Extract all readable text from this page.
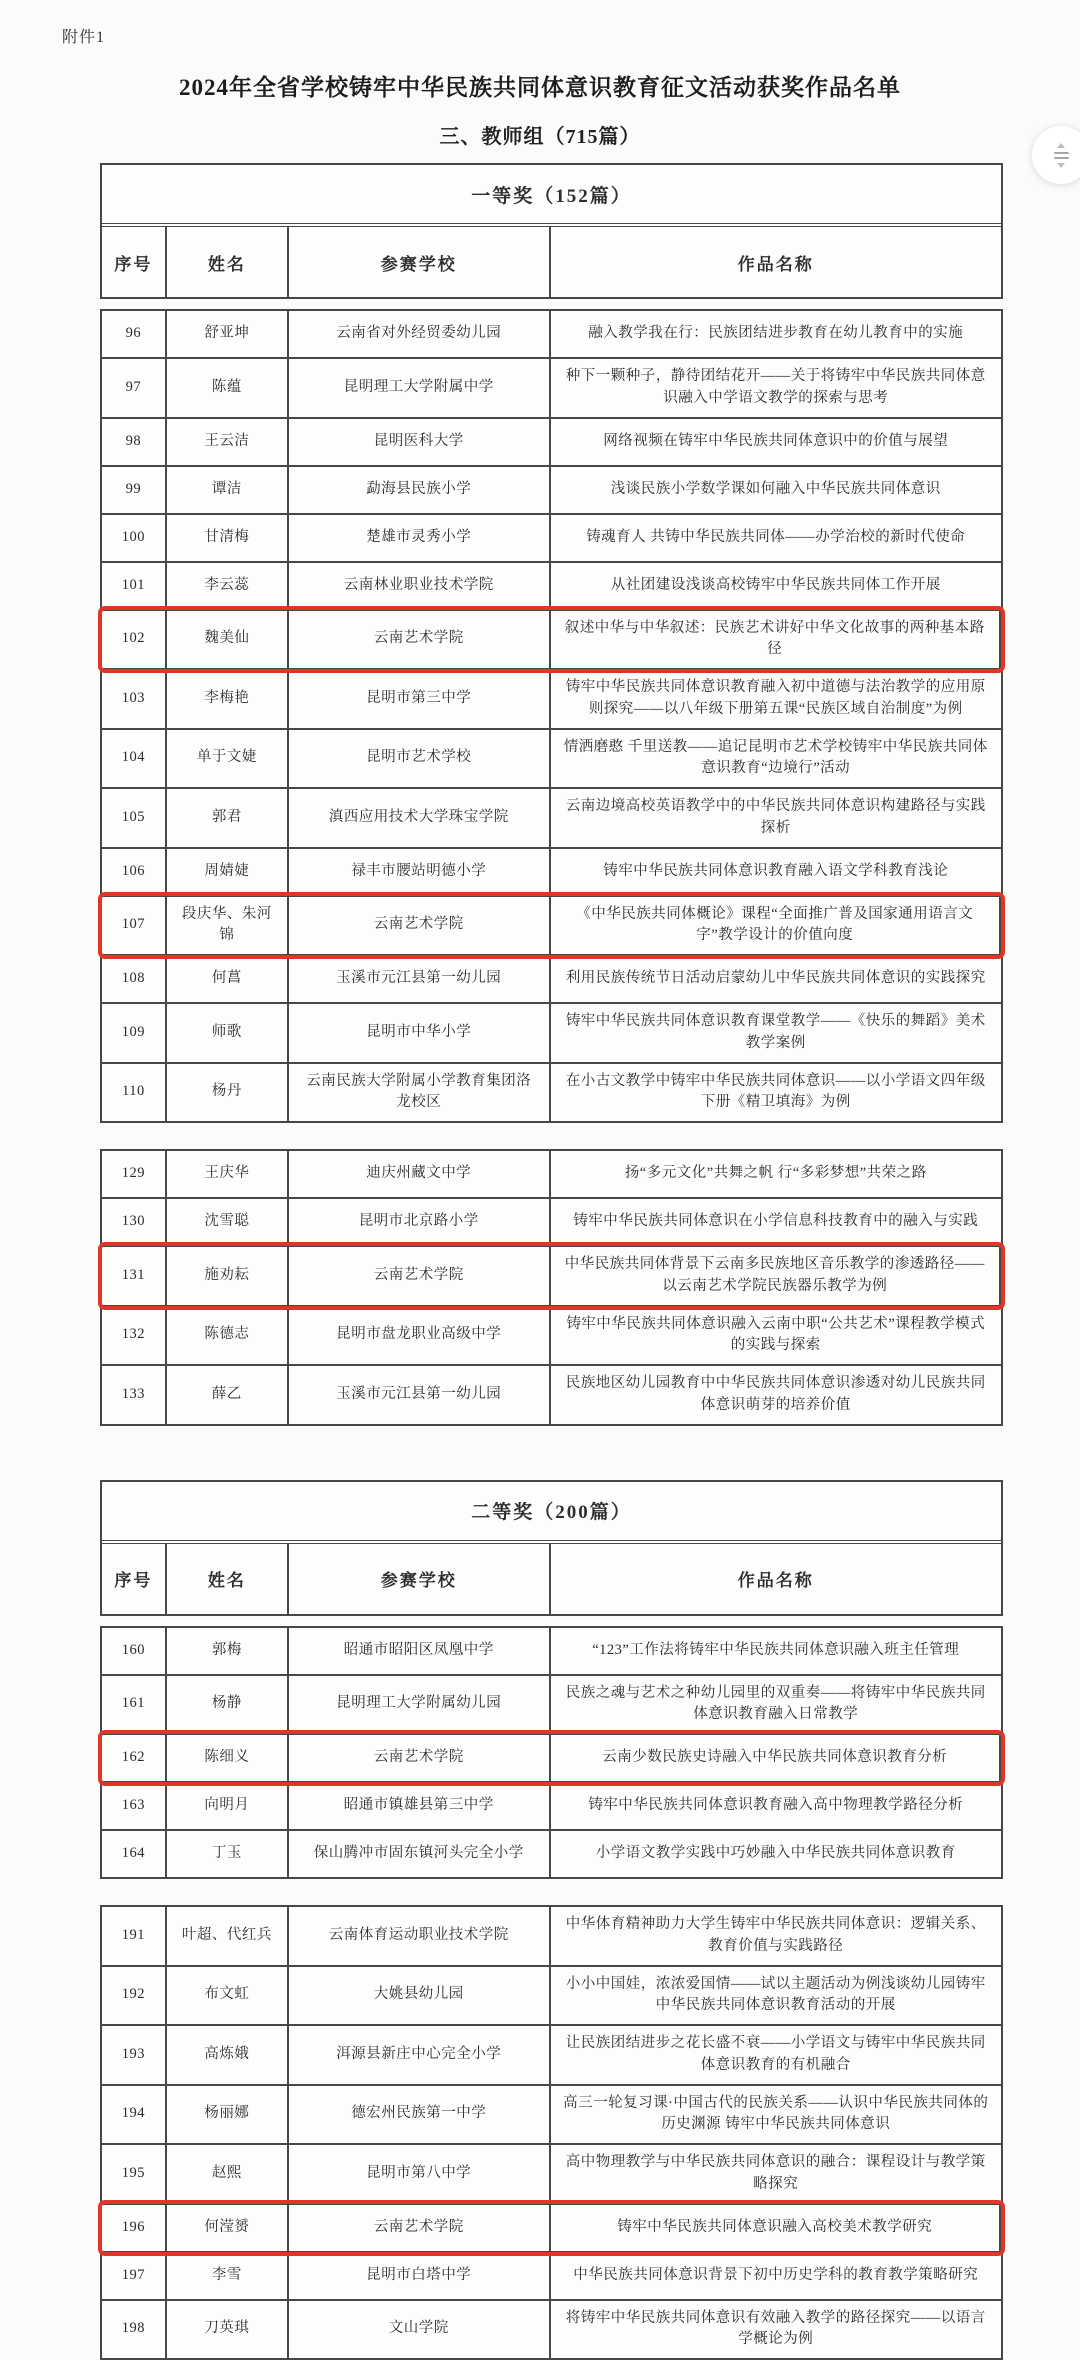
附件1
2024年全省学校铸牢中华民族共同体意识教育征文活动获奖作品名单
三、教师组（715篇）
一等奖（152篇）
序号	姓名	参赛学校	作品名称
96	舒亚坤	云南省对外经贸委幼儿园	融入教学我在行：民族团结进步教育在幼儿教育中的实施
97	陈蕴	昆明理工大学附属中学
种下一颗种子，静待团结花开——关于将铸牢中华民族共同体意识融入中学语文教学的探索与思考
98	王云洁	昆明医科大学	网络视频在铸牢中华民族共同体意识中的价值与展望
99	谭洁	勐海县民族小学	浅谈民族小学数学课如何融入中华民族共同体意识
100	甘清梅	楚雄市灵秀小学	铸魂育人 共铸中华民族共同体——办学治校的新时代使命
101	李云蕊	云南林业职业技术学院	从社团建设浅谈高校铸牢中华民族共同体工作开展
102	魏美仙	云南艺术学院
叙述中华与中华叙述：民族艺术讲好中华文化故事的两种基本路径
103	李梅艳	昆明市第三中学
铸牢中华民族共同体意识教育融入初中道德与法治教学的应用原则探究——以八年级下册第五课“民族区域自治制度”为例
104	单于文婕	昆明市艺术学校
情洒磨憨 千里送教——追记昆明市艺术学校铸牢中华民族共同体意识教育“边境行”活动
105	郭君	滇西应用技术大学珠宝学院
云南边境高校英语教学中的中华民族共同体意识构建路径与实践探析
106	周婧婕	禄丰市腰站明德小学	铸牢中华民族共同体意识教育融入语文学科教育浅论
107
段庆华、朱河锦
云南艺术学院
《中华民族共同体概论》课程“全面推广普及国家通用语言文字”教学设计的价值向度
108	何菖	玉溪市元江县第一幼儿园	利用民族传统节日活动启蒙幼儿中华民族共同体意识的实践探究
109	师歌	昆明市中华小学
铸牢中华民族共同体意识教育课堂教学——《快乐的舞蹈》美术教学案例
110	杨丹
云南民族大学附属小学教育集团洛龙校区
在小古文教学中铸牢中华民族共同体意识——以小学语文四年级下册《精卫填海》为例
129	王庆华	迪庆州藏文中学	扬“多元文化”共舞之帆 行“多彩梦想”共荣之路
130	沈雪聪	昆明市北京路小学	铸牢中华民族共同体意识在小学信息科技教育中的融入与实践
131	施劝耘	云南艺术学院
中华民族共同体背景下云南多民族地区音乐教学的渗透路径——以云南艺术学院民族器乐教学为例
132	陈德志	昆明市盘龙职业高级中学
铸牢中华民族共同体意识融入云南中职“公共艺术”课程教学模式的实践与探索
133	薛乙	玉溪市元江县第一幼儿园
民族地区幼儿园教育中中华民族共同体意识渗透对幼儿民族共同体意识萌芽的培养价值
二等奖（200篇）
序号	姓名	参赛学校	作品名称
160	郭梅	昭通市昭阳区凤凰中学	“123”工作法将铸牢中华民族共同体意识融入班主任管理
161	杨静	昆明理工大学附属幼儿园
民族之魂与艺术之种幼儿园里的双重奏——将铸牢中华民族共同体意识教育融入日常教学
162	陈细义	云南艺术学院	云南少数民族史诗融入中华民族共同体意识教育分析
163	向明月	昭通市镇雄县第三中学	铸牢中华民族共同体意识教育融入高中物理教学路径分析
164	丁玉	保山腾冲市固东镇河头完全小学	小学语文教学实践中巧妙融入中华民族共同体意识教育
191	叶超、代红兵	云南体育运动职业技术学院
中华体育精神助力大学生铸牢中华民族共同体意识：逻辑关系、教育价值与实践路径
192	布文虹	大姚县幼儿园
小小中国娃，浓浓爱国情——试以主题活动为例浅谈幼儿园铸牢中华民族共同体意识教育活动的开展
193	高炼娥	洱源县新庄中心完全小学
让民族团结进步之花长盛不衰——小学语文与铸牢中华民族共同体意识教育的有机融合
194	杨丽娜	德宏州民族第一中学
高三一轮复习课·中国古代的民族关系——认识中华民族共同体的历史渊源 铸牢中华民族共同体意识
195	赵熙	昆明市第八中学
高中物理教学与中华民族共同体意识的融合：课程设计与教学策略探究
196	何滢赟	云南艺术学院	铸牢中华民族共同体意识融入高校美术教学研究
197	李雪	昆明市白塔中学	中华民族共同体意识背景下初中历史学科的教育教学策略研究
198	刀英琪	文山学院
将铸牢中华民族共同体意识有效融入教学的路径探究——以语言学概论为例
